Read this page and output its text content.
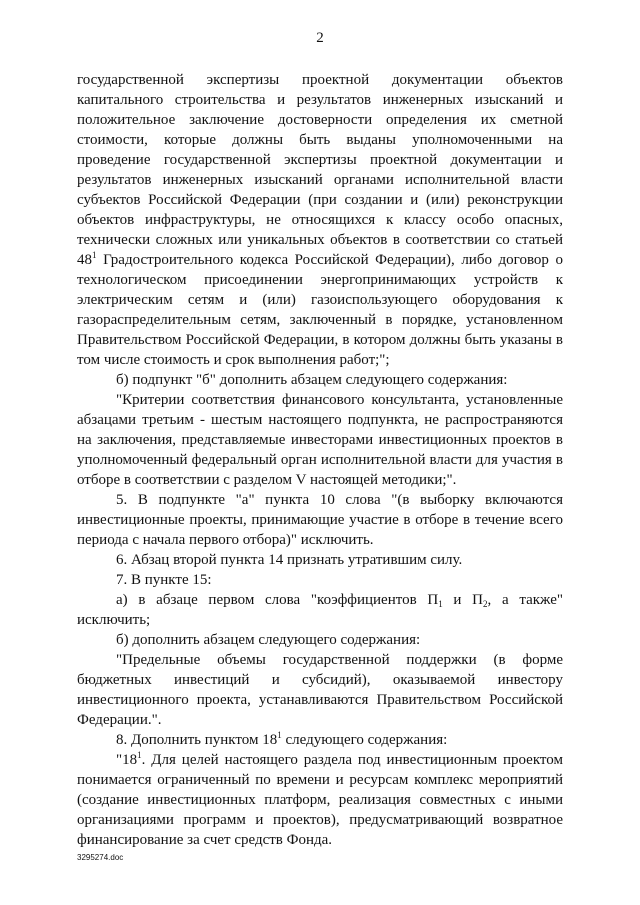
2

государственной экспертизы проектной документации объектов капитального строительства и результатов инженерных изысканий и положительное заключение достоверности определения их сметной стоимости, которые должны быть выданы уполномоченными на проведение государственной экспертизы проектной документации и результатов инженерных изысканий органами исполнительной власти субъектов Российской Федерации (при создании и (или) реконструкции объектов инфраструктуры, не относящихся к классу особо опасных, технически сложных или уникальных объектов в соответствии со статьей $48^1$ Градостроительного кодекса Российской Федерации), либо договор о технологическом присоединении энергопринимающих устройств к электрическим сетям и (или) газоиспользующего оборудования к газораспределительным сетям, заключенный в порядке, установленном Правительством Российской Федерации, в котором должны быть указаны в том числе стоимость и срок выполнения работ;";

б) подпункт "б" дополнить абзацем следующего содержания:

"Критерии соответствия финансового консультанта, установленные абзацами третьим - шестым настоящего подпункта, не распространяются на заключения, представляемые инвесторами инвестиционных проектов в уполномоченный федеральный орган исполнительной власти для участия в отборе в соответствии с разделом V настоящей методики;".

5. В подпункте "а" пункта 10 слова "(в выборку включаются инвестиционные проекты, принимающие участие в отборе в течение всего периода с начала первого отбора)" исключить.

6. Абзац второй пункта 14 признать утратившим силу.

7. В пункте 15:

а) в абзаце первом слова "коэффициентов $П_1$ и $П_2$, а также" исключить;

б) дополнить абзацем следующего содержания:

"Предельные объемы государственной поддержки (в форме бюджетных инвестиций и субсидий), оказываемой инвестору инвестиционного проекта, устанавливаются Правительством Российской Федерации.".

8. Дополнить пунктом $18^1$ следующего содержания:

"$18^1$. Для целей настоящего раздела под инвестиционным проектом понимается ограниченный по времени и ресурсам комплекс мероприятий (создание инвестиционных платформ, реализация совместных с иными организациями программ и проектов), предусматривающий возвратное финансирование за счет средств Фонда.

3295274.doc
